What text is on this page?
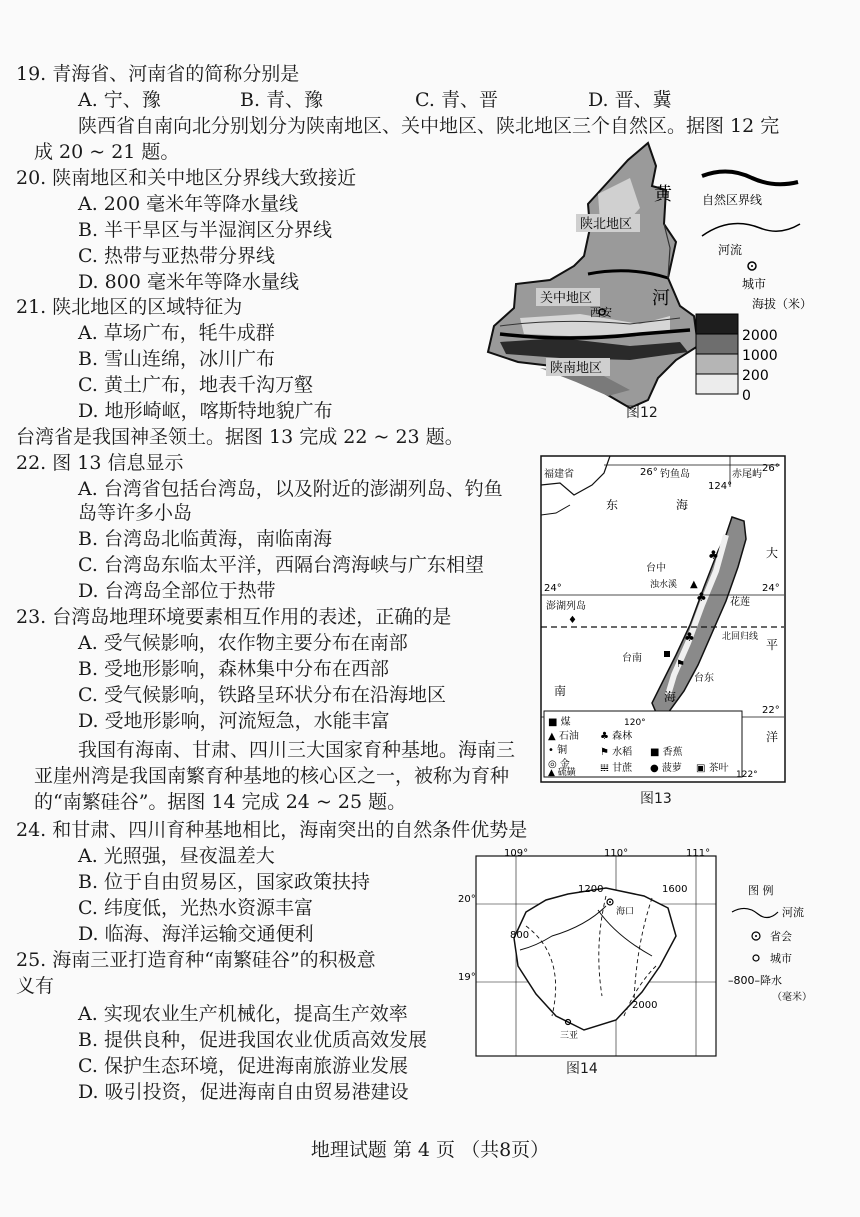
19. 青海省、河南省的简称分别是
A. 宁、豫	B. 青、豫	C. 青、晋	D. 晋、冀
陕西省自南向北分别划分为陕南地区、关中地区、陕北地区三个自然区。据图 12 完
成 20 ~ 21 题。
20. 陕南地区和关中地区分界线大致接近
A. 200 毫米年等降水量线
B. 半干旱区与半湿润区分界线
C. 热带与亚热带分界线
D. 800 毫米年等降水量线
21. 陕北地区的区域特征为
A. 草场广布，牦牛成群
B. 雪山连绵，冰川广布
C. 黄土广布，地表千沟万壑
D. 地形崎岖，喀斯特地貌广布
台湾省是我国神圣领土。据图 13 完成 22 ~ 23 题。
22. 图 13 信息显示
A. 台湾省包括台湾岛，以及附近的澎湖列岛、钓鱼
岛等许多小岛
B. 台湾岛北临黄海，南临南海
C. 台湾岛东临太平洋，西隔台湾海峡与广东相望
D. 台湾岛全部位于热带
23. 台湾岛地理环境要素相互作用的表述，正确的是
A. 受气候影响，农作物主要分布在南部
B. 受地形影响，森林集中分布在西部
C. 受气候影响，铁路呈环状分布在沿海地区
D. 受地形影响，河流短急，水能丰富
我国有海南、甘肃、四川三大国家育种基地。海南三
亚崖州湾是我国南繁育种基地的核心区之一，被称为育种
的“南繁硅谷”。据图 14 完成 24 ~ 25 题。
24. 和甘肃、四川育种基地相比，海南突出的自然条件优势是
A. 光照强，昼夜温差大
B. 位于自由贸易区，国家政策扶持
C. 纬度低，光热水资源丰富
D. 临海、海洋运输交通便利
25. 海南三亚打造育种“南繁硅谷”的积极意
义有
A. 实现农业生产机械化，提高生产效率
B. 提供良种，促进我国农业优质高效发展
C. 保护生态环境，促进海南旅游业发展
D. 吸引投资，促进海南自由贸易港建设
陕北地区
关中地区
西安
陕南地区
黄
河
自然区界线
河流
城市
海拔（米）
2000
1000
200
0
图12
福建省	26° 钓鱼岛	赤尾屿
26°
124°
东	海
♣
♣
♣
▲
⚑
24°	24°
22°
澎湖列岛
♦
台中
浊水溪
花莲
北回归线
台南
台东
大
平
洋
南	海
120°
122°
■ 煤
▲ 石油
• 铜
◎ 金
▲ 硫磺
♣ 森林
⚑ 水稻
𝍐 甘蔗
■ 香蕉
● 菠萝 ▣ 茶叶
图13
109°	110°	111°
20°
19°
1200	1600
800
2000
海口
三亚
图 例
河流
省会
城市
–800–降水
（毫米）
图14
地理试题 第 4 页 （共8页）
